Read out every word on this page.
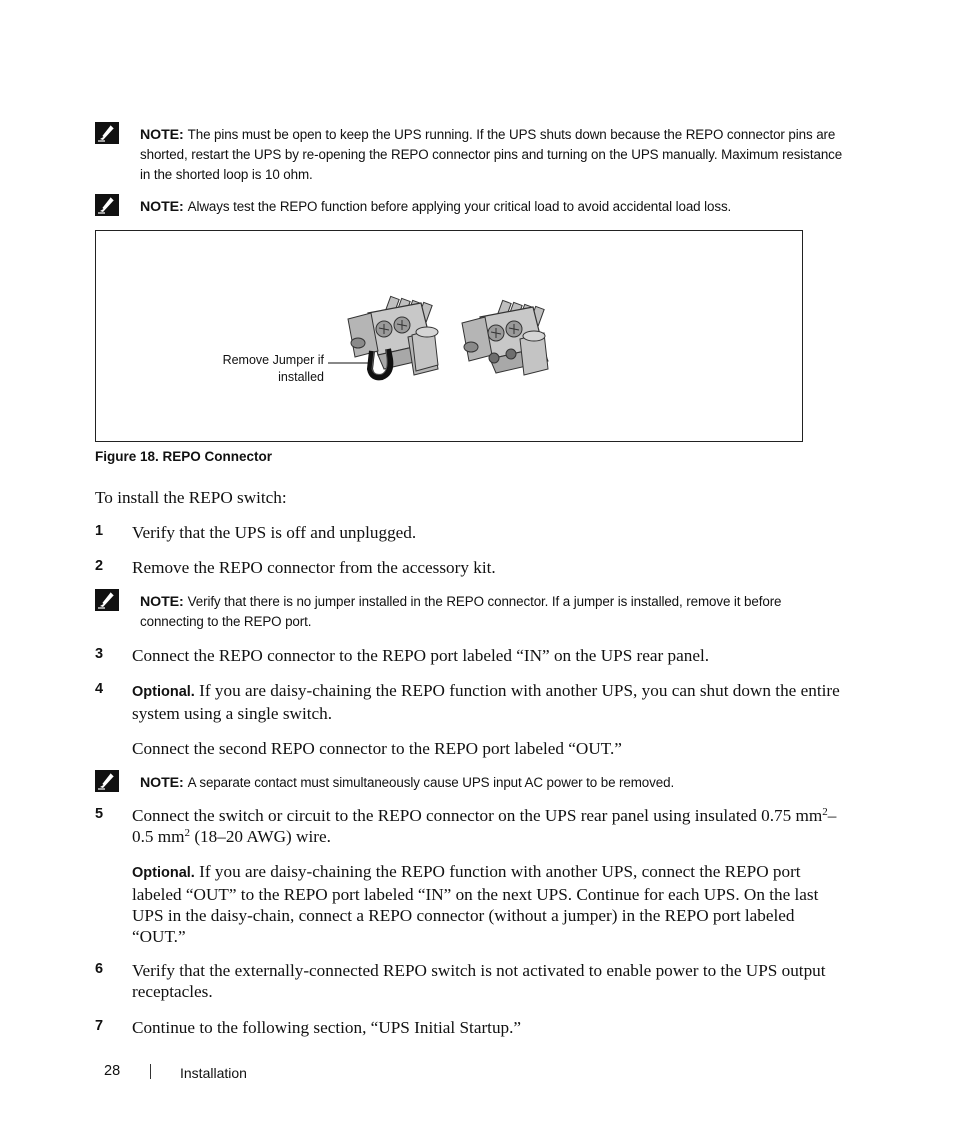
NOTE: The pins must be open to keep the UPS running. If the UPS shuts down because the REPO connector pins are shorted, restart the UPS by re-opening the REPO connector pins and turning on the UPS manually. Maximum resistance in the shorted loop is 10 ohm.
NOTE: Always test the REPO function before applying your critical load to avoid accidental load loss.
Remove Jumper if
installed
Figure 18. REPO Connector
To install the REPO switch:
1 Verify that the UPS is off and unplugged.
2 Remove the REPO connector from the accessory kit.
NOTE: Verify that there is no jumper installed in the REPO connector. If a jumper is installed, remove it before connecting to the REPO port.
3 Connect the REPO connector to the REPO port labeled “IN” on the UPS rear panel.
4 Optional. If you are daisy-chaining the REPO function with another UPS, you can shut down the entire system using a single switch.
Connect the second REPO connector to the REPO port labeled “OUT.”
NOTE: A separate contact must simultaneously cause UPS input AC power to be removed.
5 Connect the switch or circuit to the REPO connector on the UPS rear panel using insulated 0.75 $mm^2-0.5$ $mm^2$ (18–20 AWG) wire.
Optional. If you are daisy-chaining the REPO function with another UPS, connect the REPO port labeled “OUT” to the REPO port labeled “IN” on the next UPS. Continue for each UPS. On the last UPS in the daisy-chain, connect a REPO connector (without a jumper) in the REPO port labeled “OUT.”
6 Verify that the externally-connected REPO switch is not activated to enable power to the UPS output receptacles.
7 Continue to the following section, “UPS Initial Startup.”
28	Installation
